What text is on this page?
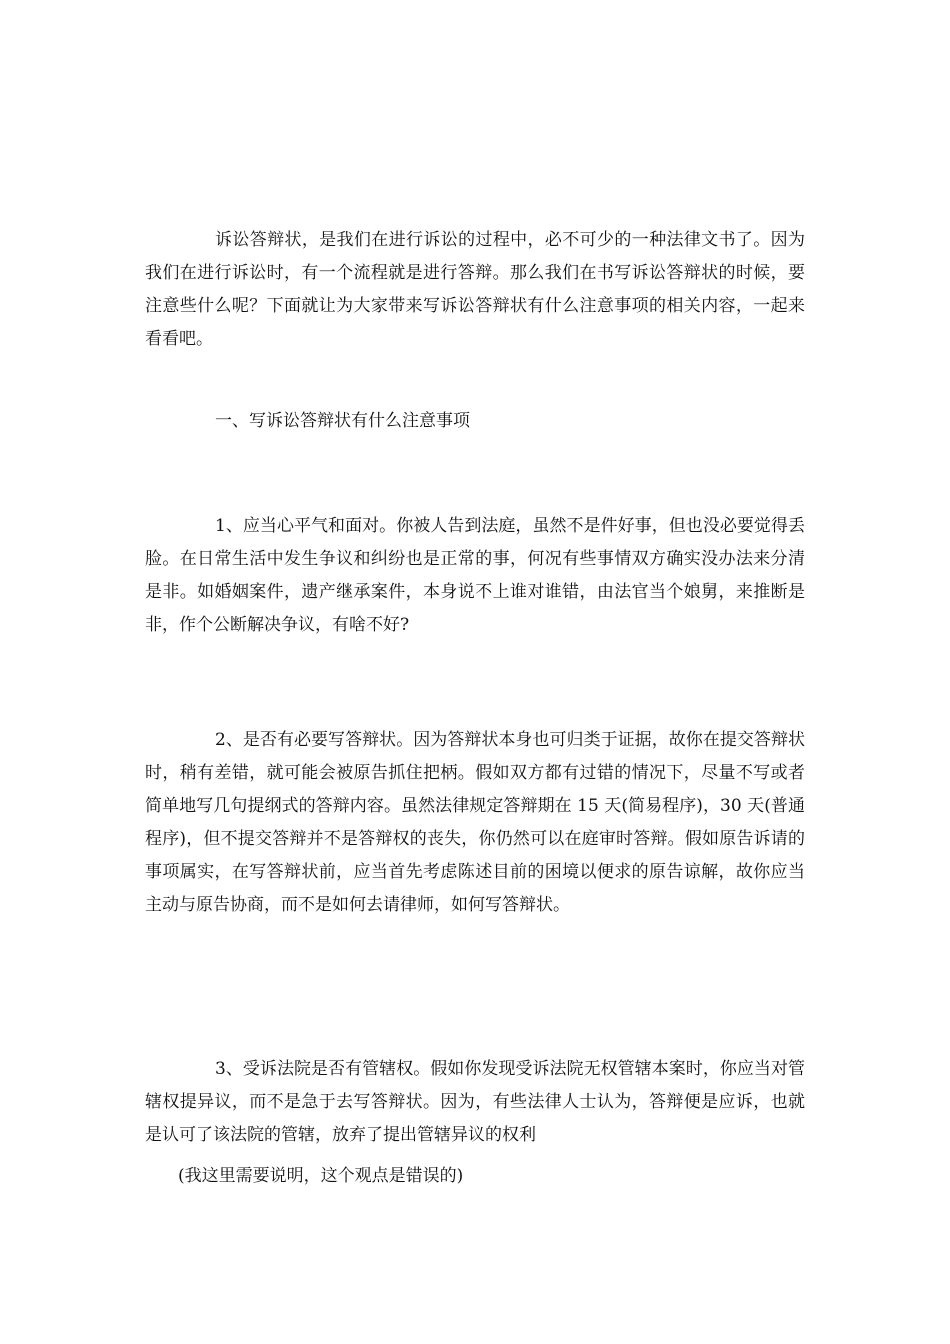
诉讼答辩状，是我们在进行诉讼的过程中，必不可少的一种法律文书了。因为我们在进行诉讼时，有一个流程就是进行答辩。那么我们在书写诉讼答辩状的时候，要注意些什么呢？下面就让为大家带来写诉讼答辩状有什么注意事项的相关内容，一起来看看吧。

一、写诉讼答辩状有什么注意事项

1、应当心平气和面对。你被人告到法庭，虽然不是件好事，但也没必要觉得丢脸。在日常生活中发生争议和纠纷也是正常的事，何况有些事情双方确实没办法来分清是非。如婚姻案件，遗产继承案件，本身说不上谁对谁错，由法官当个娘舅，来推断是非，作个公断解决争议，有啥不好?

2、是否有必要写答辩状。因为答辩状本身也可归类于证据，故你在提交答辩状时，稍有差错，就可能会被原告抓住把柄。假如双方都有过错的情况下，尽量不写或者简单地写几句提纲式的答辩内容。虽然法律规定答辩期在 15 天(简易程序)，30 天(普通程序)，但不提交答辩并不是答辩权的丧失，你仍然可以在庭审时答辩。假如原告诉请的事项属实，在写答辩状前，应当首先考虑陈述目前的困境以便求的原告谅解，故你应当主动与原告协商，而不是如何去请律师，如何写答辩状。

3、受诉法院是否有管辖权。假如你发现受诉法院无权管辖本案时，你应当对管辖权提异议，而不是急于去写答辩状。因为，有些法律人士认为，答辩便是应诉，也就是认可了该法院的管辖，放弃了提出管辖异议的权利

(我这里需要说明，这个观点是错误的)
